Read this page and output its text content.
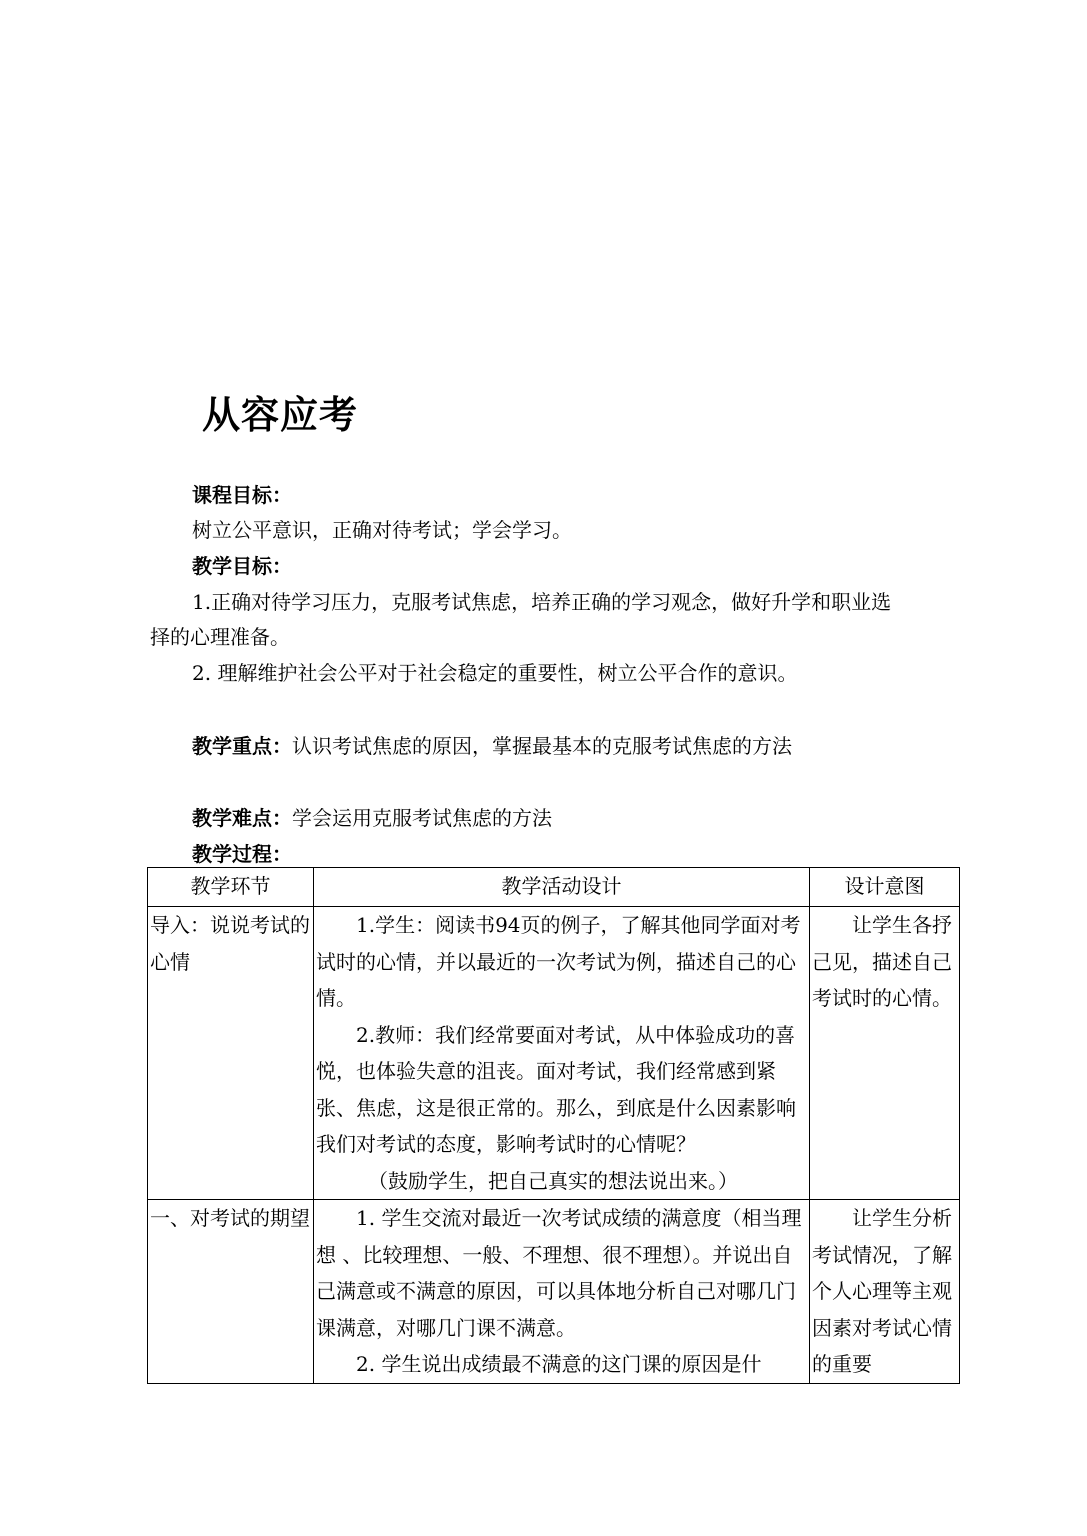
从容应考
课程目标：
树立公平意识，正确对待考试；学会学习。
教学目标：
1.正确对待学习压力，克服考试焦虑，培养正确的学习观念，做好升学和职业选
择的心理准备。
2. 理解维护社会公平对于社会稳定的重要性，树立公平合作的意识。
教学重点：认识考试焦虑的原因，掌握最基本的克服考试焦虑的方法
教学难点：学会运用克服考试焦虑的方法
教学过程：
教学环节	教学活动设计	设计意图
导入：说说考试的心情	1.学生：阅读书94页的例子，了解其他同学面对考试时的心情，并以最近的一次考试为例，描述自己的心情。

2.教师：我们经常要面对考试，从中体验成功的喜悦，也体验失意的沮丧。面对考试，我们经常感到紧张、焦虑，这是很正常的。那么，到底是什么因素影响我们对考试的态度，影响考试时的心情呢？

（鼓励学生，把自己真实的想法说出来。）	让学生各抒己见，描述自己考试时的心情。
一、对考试的期望	1. 学生交流对最近一次考试成绩的满意度（相当理想 、比较理想、一般、不理想、很不理想）。并说出自己满意或不满意的原因，可以具体地分析自己对哪几门课满意，对哪几门课不满意。

2. 学生说出成绩最不满意的这门课的原因是什	让学生分析考试情况，了解个人心理等主观因素对考试心情的重要
